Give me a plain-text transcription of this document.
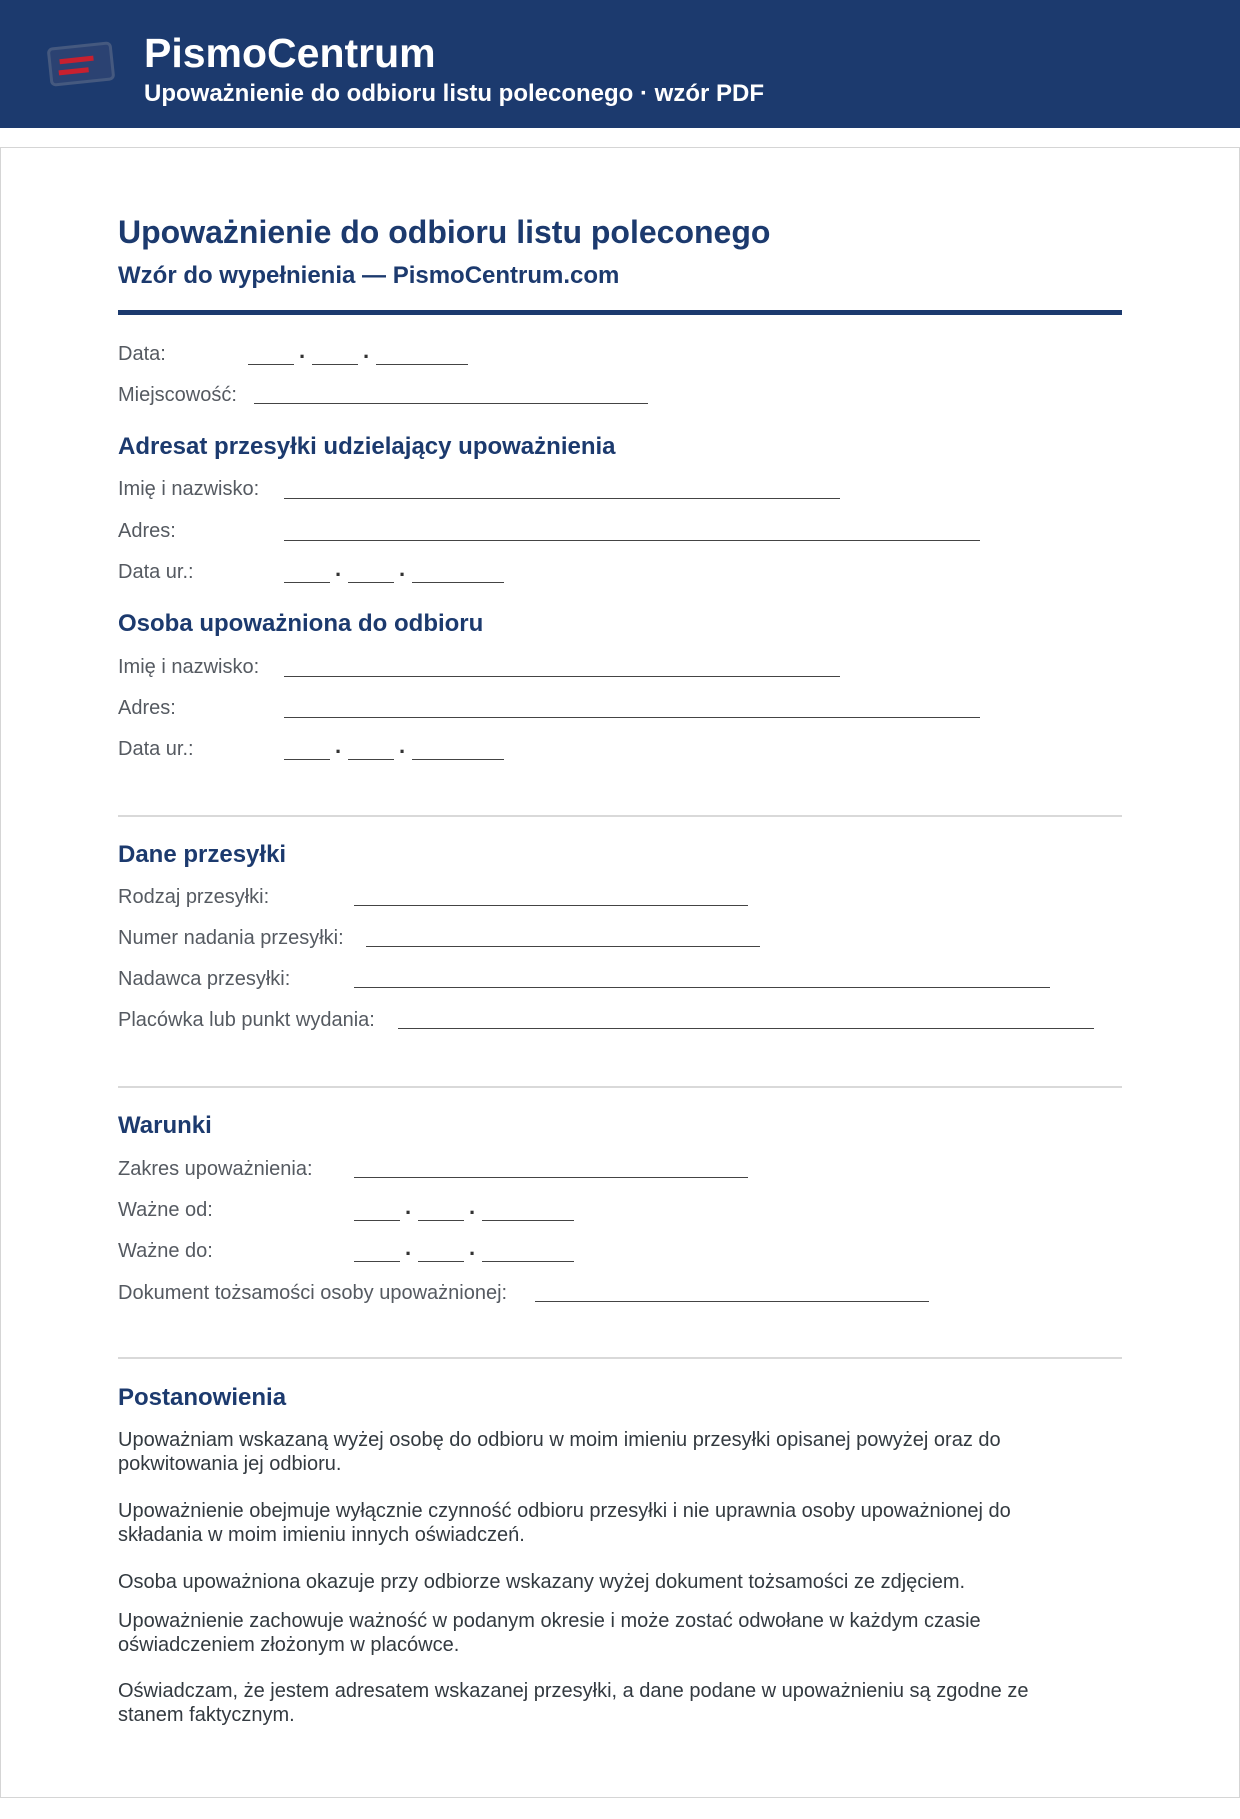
PismoCentrum
Upoważnienie do odbioru listu poleconego · wzór PDF
Upoważnienie do odbioru listu poleconego
Wzór do wypełnienia — PismoCentrum.com
Data:	.	.
Miejscowość:
Adresat przesyłki udzielający upoważnienia
Imię i nazwisko:
Adres:
Data ur.:	.	.
Osoba upoważniona do odbioru
Imię i nazwisko:
Adres:
Data ur.:	.	.
Dane przesyłki
Rodzaj przesyłki:
Numer nadania przesyłki:
Nadawca przesyłki:
Placówka lub punkt wydania:
Warunki
Zakres upoważnienia:
Ważne od:	.	.
Ważne do:	.	.
Dokument tożsamości osoby upoważnionej:
Postanowienia
Upoważniam wskazaną wyżej osobę do odbioru w moim imieniu przesyłki opisanej powyżej oraz do pokwitowania jej odbioru.
Upoważnienie obejmuje wyłącznie czynność odbioru przesyłki i nie uprawnia osoby upoważnionej do składania w moim imieniu innych oświadczeń.
Osoba upoważniona okazuje przy odbiorze wskazany wyżej dokument tożsamości ze zdjęciem.
Upoważnienie zachowuje ważność w podanym okresie i może zostać odwołane w każdym czasie oświadczeniem złożonym w placówce.
Oświadczam, że jestem adresatem wskazanej przesyłki, a dane podane w upoważnieniu są zgodne ze stanem faktycznym.
